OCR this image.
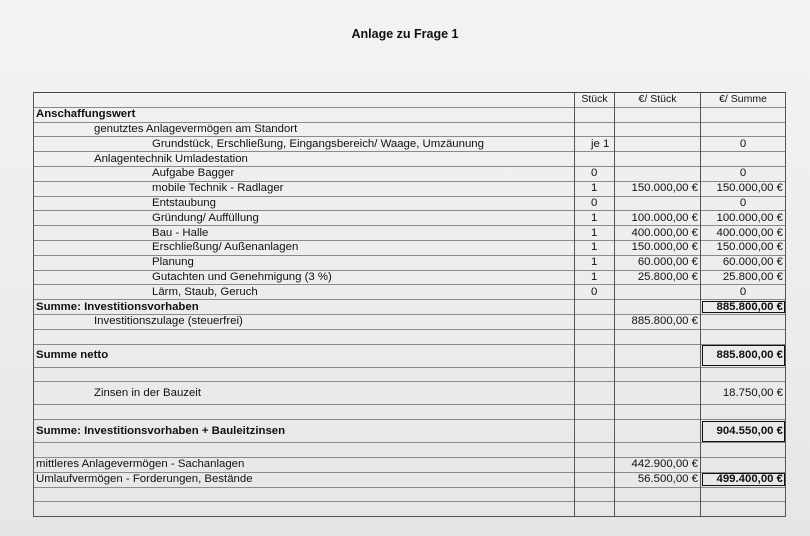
Anlage zu Frage 1
	Stück	€/ Stück	€/ Summe
Anschaffungswert			
genutztes Anlagevermögen am Standort			
Grundstück, Erschließung, Eingangsbereich/ Waage, Umzäunung	je 1		0
Anlagentechnik Umladestation			
Aufgabe Bagger	0		0
mobile Technik - Radlager	1	150.000,00 €	150.000,00 €
Entstaubung	0		0
Gründung/ Auffüllung	1	100.000,00 €	100.000,00 €
Bau - Halle	1	400.000,00 €	400.000,00 €
Erschließung/ Außenanlagen	1	150.000,00 €	150.000,00 €
Planung	1	60.000,00 €	60.000,00 €
Gutachten und Genehmigung (3 %)	1	25.800,00 €	25.800,00 €
Lärm, Staub, Geruch	0		0
Summe: Investitionsvorhaben			885.800,00 €
Investitionszulage (steuerfrei)		885.800,00 €	

Summe netto			885.800,00 €

Zinsen in der Bauzeit			18.750,00 €

Summe: Investitionsvorhaben + Bauleitzinsen			904.550,00 €

mittleres Anlagevermögen - Sachanlagen		442.900,00 €	
Umlaufvermögen - Forderungen, Bestände		56.500,00 €	499.400,00 €
